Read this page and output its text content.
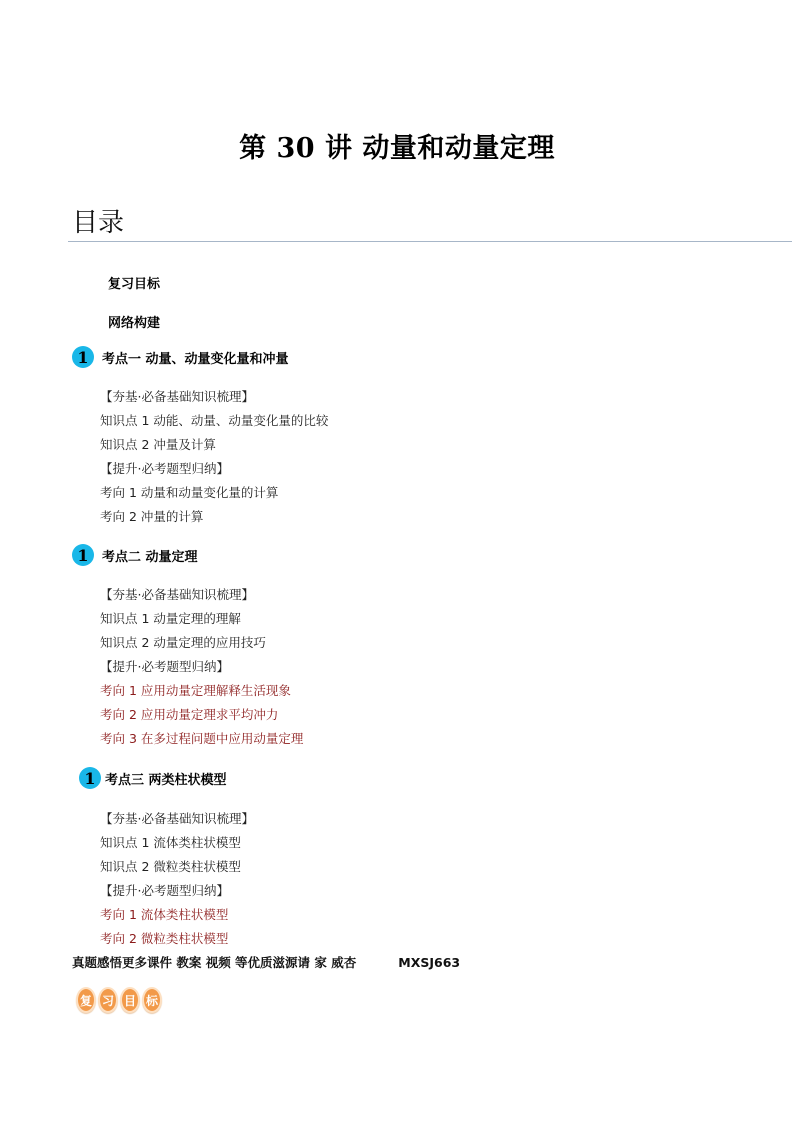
第 30 讲 动量和动量定理
目录
复习目标
网络构建
1	考点一 动量、动量变化量和冲量
【夯基·必备基础知识梳理】
知识点 1 动能、动量、动量变化量的比较
知识点 2 冲量及计算
【提升·必考题型归纳】
考向 1 动量和动量变化量的计算
考向 2 冲量的计算
1	考点二 动量定理
【夯基·必备基础知识梳理】
知识点 1 动量定理的理解
知识点 2 动量定理的应用技巧
【提升·必考题型归纳】
考向 1 应用动量定理解释生活现象
考向 2 应用动量定理求平均冲力
考向 3 在多过程问题中应用动量定理
1 考点三 两类柱状模型
【夯基·必备基础知识梳理】
知识点 1 流体类柱状模型
知识点 2 微粒类柱状模型
【提升·必考题型归纳】
考向 1 流体类柱状模型
考向 2 微粒类柱状模型
真题感悟更多课件 教案 视频 等优质滋源请 家 威杏	MXSJ663
复 习 目 标
